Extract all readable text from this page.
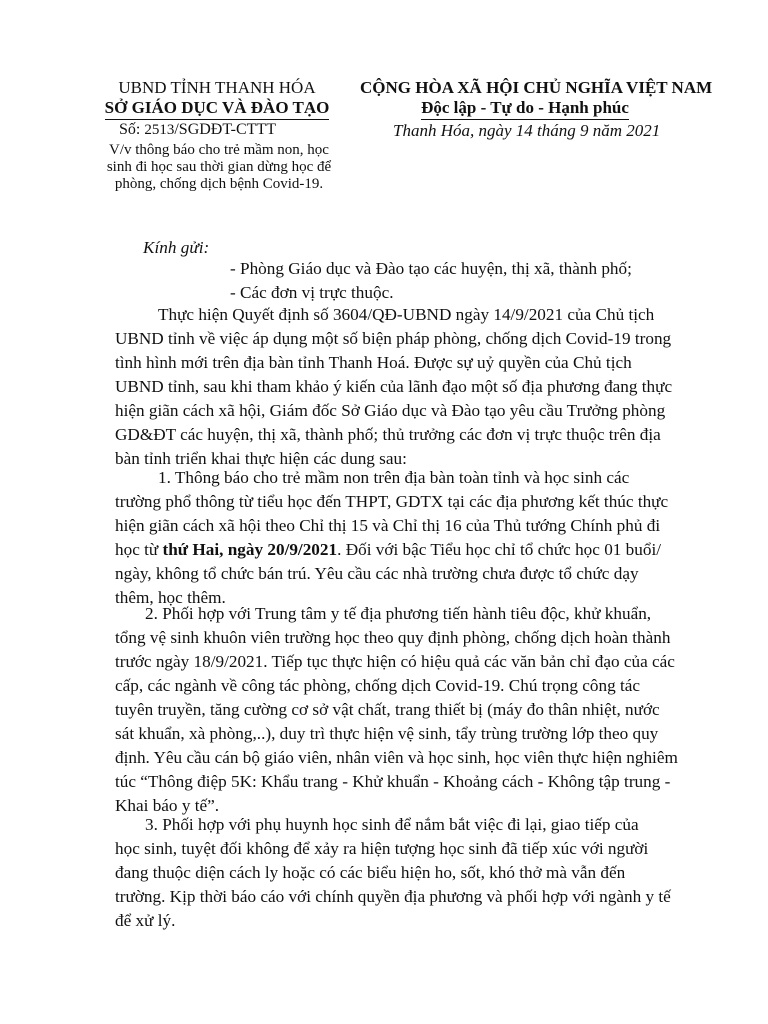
UBND TỈNH THANH HÓA
SỞ GIÁO DỤC VÀ ĐÀO TẠO
Số: 2513/SGDĐT-CTTT
V/v thông báo cho trẻ mầm non, học
sinh đi học sau thời gian dừng học để
phòng, chống dịch bệnh Covid-19.
CỘNG HÒA XÃ HỘI CHỦ NGHĨA VIỆT NAM
Độc lập - Tự do - Hạnh phúc
Thanh Hóa, ngày 14 tháng 9 năm 2021
Kính gửi:
- Phòng Giáo dục và Đào tạo các huyện, thị xã, thành phố;
- Các đơn vị trực thuộc.
Thực hiện Quyết định số 3604/QĐ-UBND ngày 14/9/2021 của Chủ tịch
UBND tỉnh về việc áp dụng một số biện pháp phòng, chống dịch Covid-19 trong
tình hình mới trên địa bàn tỉnh Thanh Hoá. Được sự uỷ quyền của Chủ tịch
UBND tỉnh, sau khi tham khảo ý kiến của lãnh đạo một số địa phương đang thực
hiện giãn cách xã hội, Giám đốc Sở Giáo dục và Đào tạo yêu cầu Trưởng phòng
GD&ĐT các huyện, thị xã, thành phố; thủ trưởng các đơn vị trực thuộc trên địa
bàn tỉnh triển khai thực hiện các dung sau:
1. Thông báo cho trẻ mầm non trên địa bàn toàn tỉnh và học sinh các
trường phổ thông từ tiểu học đến THPT, GDTX tại các địa phương kết thúc thực
hiện giãn cách xã hội theo Chỉ thị 15 và Chỉ thị 16 của Thủ tướng Chính phủ đi
học từ thứ Hai, ngày 20/9/2021. Đối với bậc Tiểu học chỉ tổ chức học 01 buổi/
ngày, không tổ chức bán trú. Yêu cầu các nhà trường chưa được tổ chức dạy
thêm, học thêm.
2. Phối hợp với Trung tâm y tế địa phương tiến hành tiêu độc, khử khuẩn,
tổng vệ sinh khuôn viên trường học theo quy định phòng, chống dịch hoàn thành
trước ngày 18/9/2021. Tiếp tục thực hiện có hiệu quả các văn bản chỉ đạo của các
cấp, các ngành về công tác phòng, chống dịch Covid-19. Chú trọng công tác
tuyên truyền, tăng cường cơ sở vật chất, trang thiết bị (máy đo thân nhiệt, nước
sát khuẩn, xà phòng,..), duy trì thực hiện vệ sinh, tẩy trùng trường lớp theo quy
định. Yêu cầu cán bộ giáo viên, nhân viên và học sinh, học viên thực hiện nghiêm
túc “Thông điệp 5K: Khẩu trang - Khử khuẩn - Khoảng cách - Không tập trung -
Khai báo y tế”.
3. Phối hợp với phụ huynh học sinh để nắm bắt việc đi lại, giao tiếp của
học sinh, tuyệt đối không để xảy ra hiện tượng học sinh đã tiếp xúc với người
đang thuộc diện cách ly hoặc có các biểu hiện ho, sốt, khó thở mà vẫn đến
trường. Kịp thời báo cáo với chính quyền địa phương và phối hợp với ngành y tế
để xử lý.
